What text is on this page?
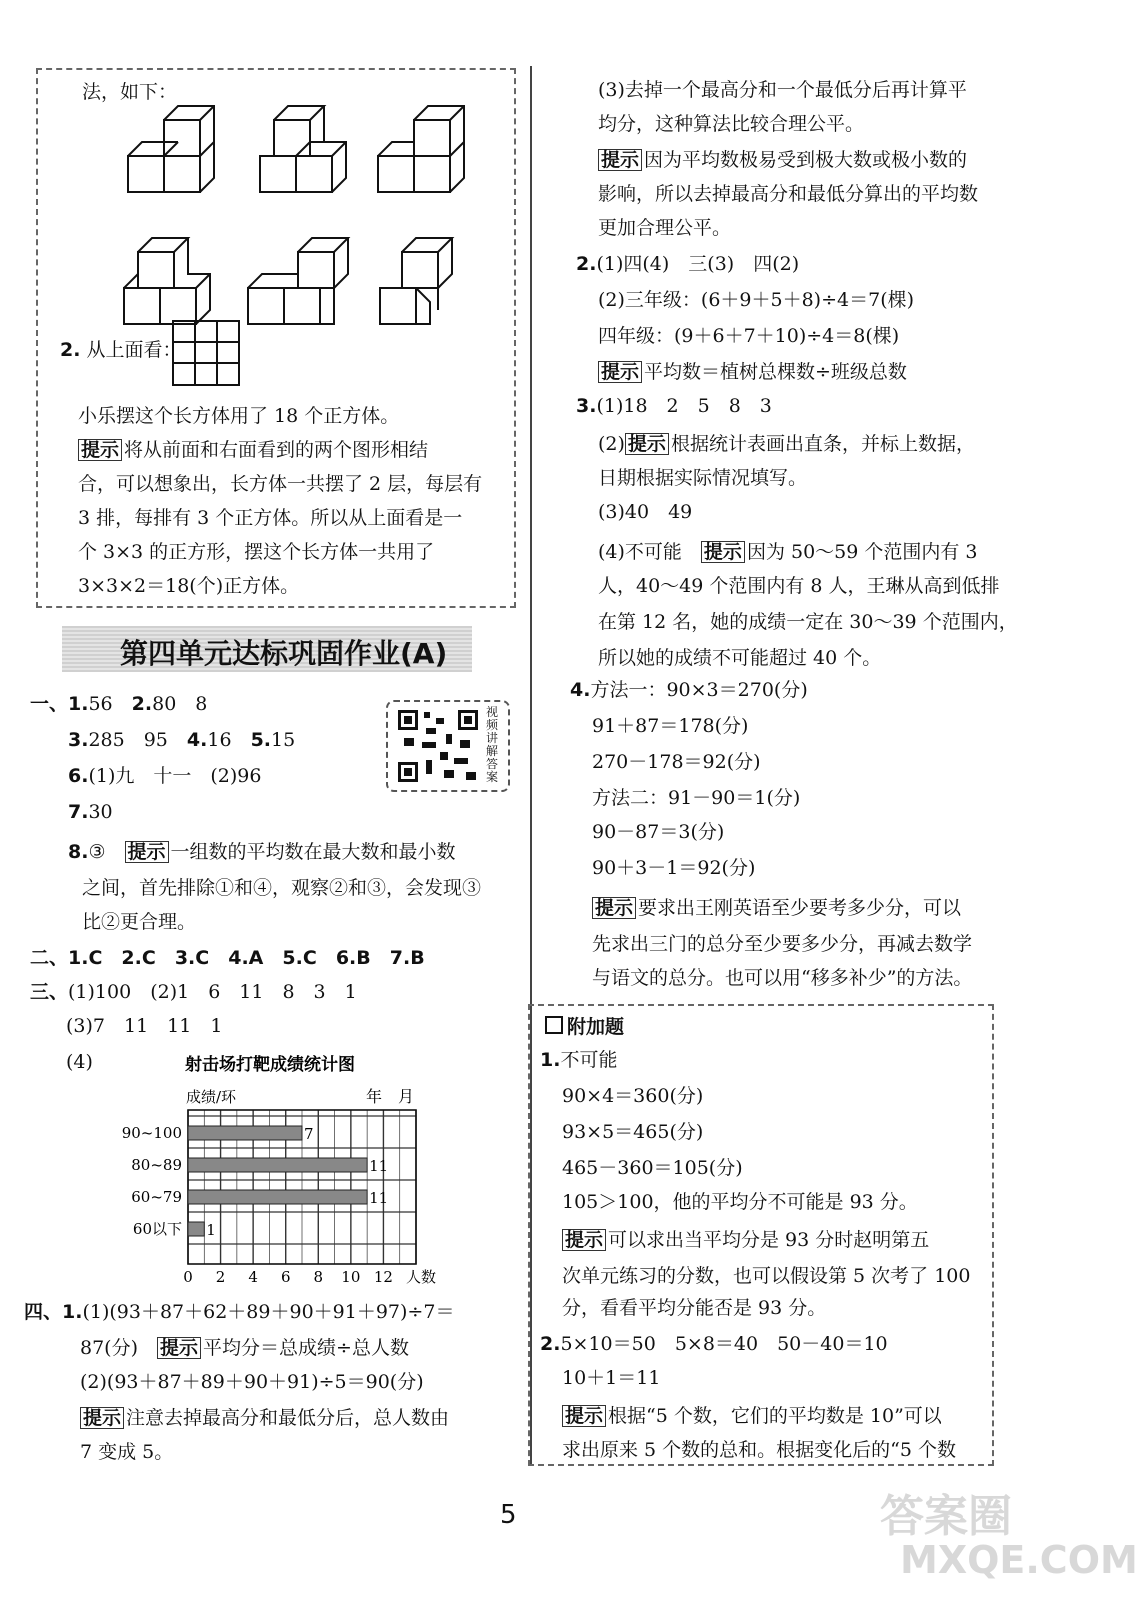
法，如下：
2. 从上面看：
小乐摆这个长方体用了 18 个正方体。
提示 将从前面和右面看到的两个图形相结
合，可以想象出，长方体一共摆了 2 层，每层有
3 排，每排有 3 个正方体。所以从上面看是一
个 3×3 的正方形，摆这个长方体一共用了
3×3×2＝18(个)正方体。
第四单元达标巩固作业(A)
视频讲解答案
一、1.56　 2.80　8
3.285　95　 4.16　 5.15
6.(1)九　十一　(2)96
7.30
8.③　提示 一组数的平均数在最大数和最小数
之间，首先排除①和④，观察②和③，会发现③
比②更合理。
二、1.C　 2.C　 3.C　 4.A　 5.C　 6.B　 7.B
三、(1)100　(2)1　6　11　8　3　1
(3)7　11　11　1
(4)	射击场打靶成绩统计图
成绩/环	年　月
90~100	7
80~89	11
60~79	11
60以下 1
0 2 4 6 8 10 12 人数
四、1.(1)(93＋87＋62＋89＋90＋91＋97)÷7＝
87(分)　提示 平均分＝总成绩÷总人数
(2)(93＋87＋89＋90＋91)÷5＝90(分)
提示 注意去掉最高分和最低分后，总人数由
7 变成 5。
(3)去掉一个最高分和一个最低分后再计算平
均分，这种算法比较合理公平。
提示 因为平均数极易受到极大数或极小数的
影响，所以去掉最高分和最低分算出的平均数
更加合理公平。
2.(1)四(4)　三(3)　四(2)
(2)三年级：(6＋9＋5＋8)÷4＝7(棵)
四年级：(9＋6＋7＋10)÷4＝8(棵)
提示 平均数＝植树总棵数÷班级总数
3.(1)18　2　5　8　3
(2) 提示 根据统计表画出直条，并标上数据，
日期根据实际情况填写。
(3)40　49
(4)不可能　提示 因为 50～59 个范围内有 3
人，40～49 个范围内有 8 人，王琳从高到低排
在第 12 名，她的成绩一定在 30～39 个范围内，
所以她的成绩不可能超过 40 个。
4.方法一：90×3＝270(分)
91＋87＝178(分)
270－178＝92(分)
方法二：91－90＝1(分)
90－87＝3(分)
90＋3－1＝92(分)
提示 要求出王刚英语至少要考多少分，可以
先求出三门的总分至少要多少分，再减去数学
与语文的总分。也可以用“移多补少”的方法。
附加题
1.不可能
90×4＝360(分)
93×5＝465(分)
465－360＝105(分)
105＞100，他的平均分不可能是 93 分。
提示 可以求出当平均分是 93 分时赵明第五
次单元练习的分数，也可以假设第 5 次考了 100
分，看看平均分能否是 93 分。
2.5×10＝50　5×8＝40　50－40＝10
10＋1＝11
提示 根据“5 个数，它们的平均数是 10”可以
求出原来 5 个数的总和。根据变化后的“5 个数
5	答案圈
MXQE.COM
